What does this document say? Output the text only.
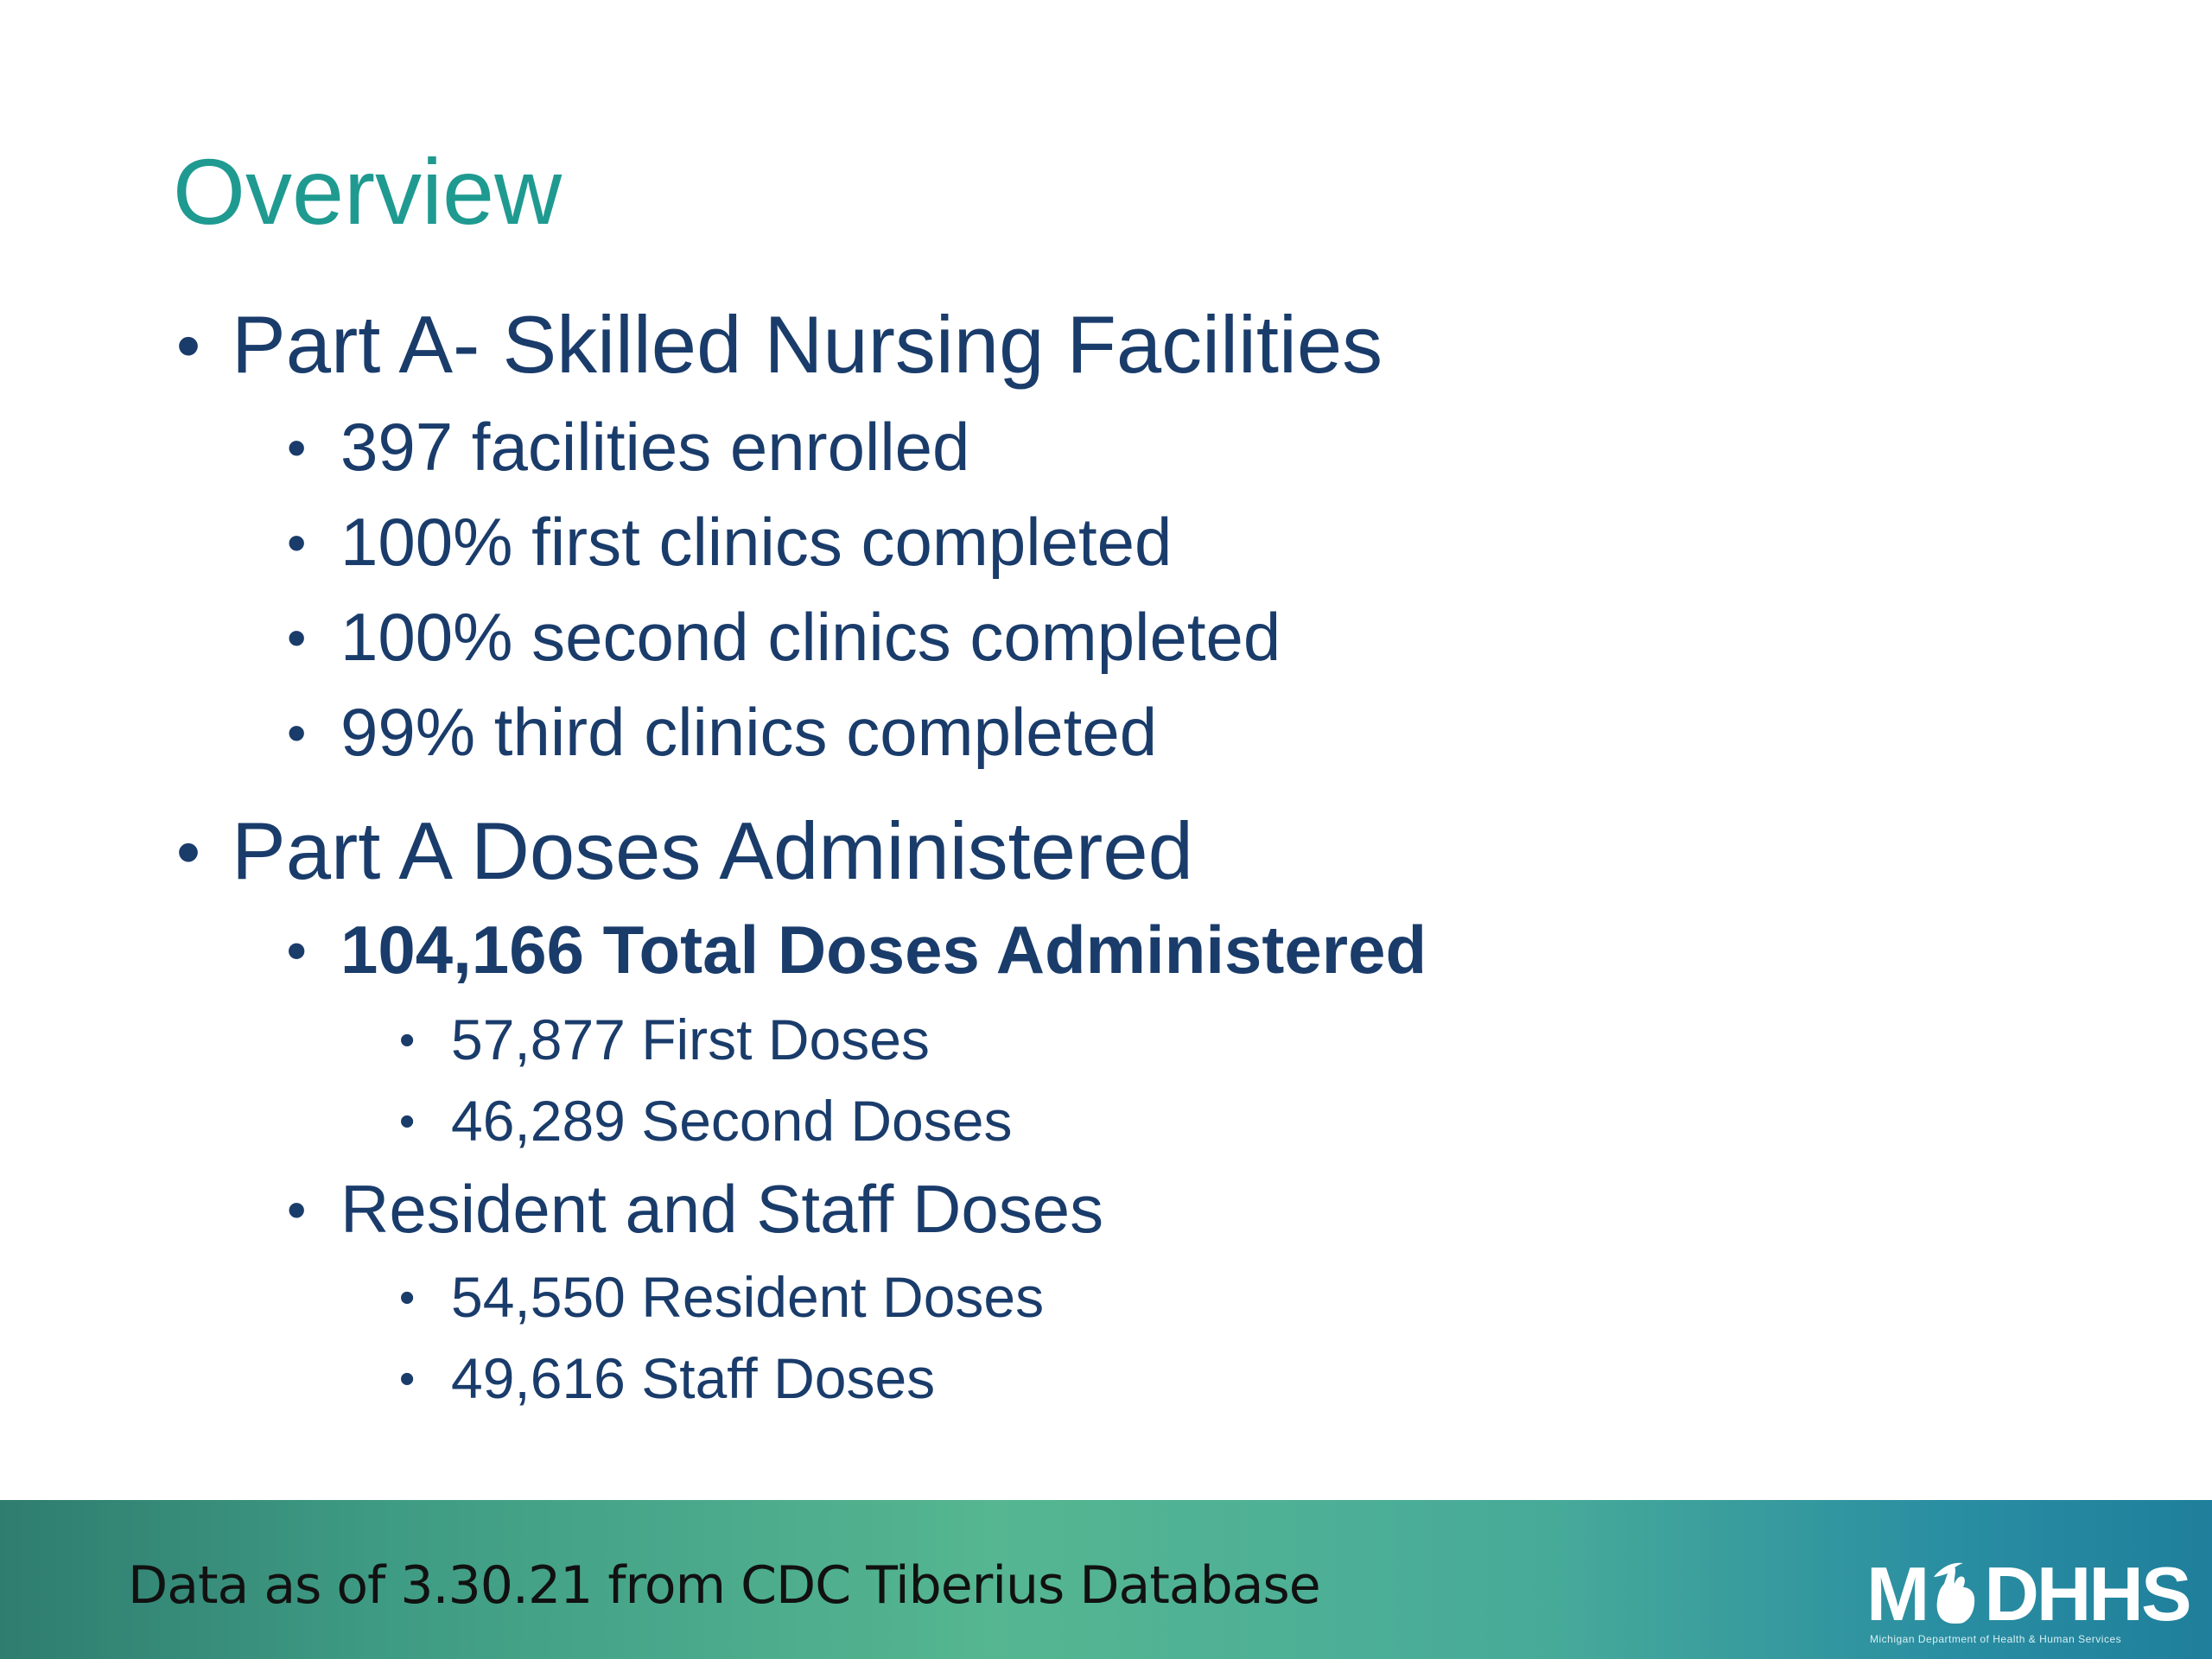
Overview
• Part A- Skilled Nursing Facilities
• 397 facilities enrolled
• 100% first clinics completed
• 100% second clinics completed
• 99% third clinics completed
• Part A Doses Administered
• 104,166 Total Doses Administered
• 57,877 First Doses
• 46,289 Second Doses
• Resident and Staff Doses
• 54,550 Resident Doses
• 49,616 Staff Doses
Data as of 3.30.21 from CDC Tiberius Database	M DHHS
Michigan Department of Health & Human Services
